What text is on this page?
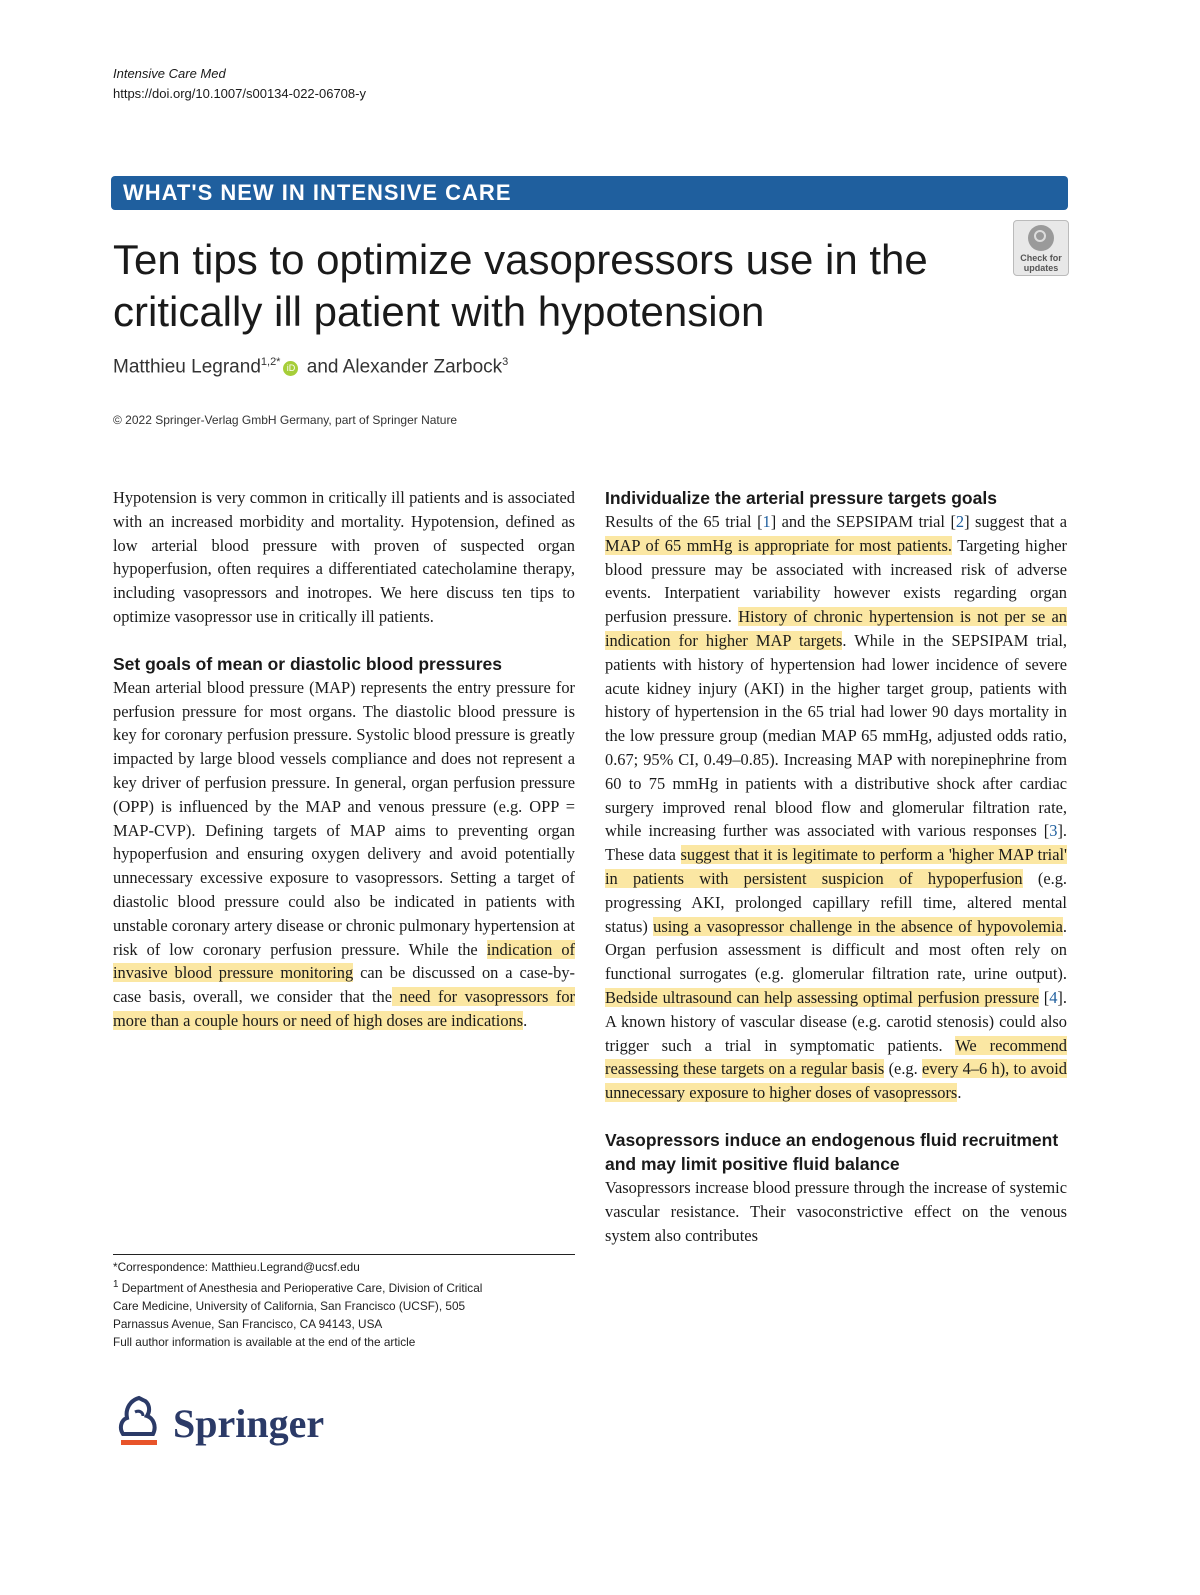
Intensive Care Med
https://doi.org/10.1007/s00134-022-06708-y
WHAT'S NEW IN INTENSIVE CARE
Ten tips to optimize vasopressors use in the critically ill patient with hypotension
Check for updates
Matthieu Legrand$^{1,2*}$iD and Alexander Zarbock$^3$
© 2022 Springer-Verlag GmbH Germany, part of Springer Nature

Hypotension is very common in critically ill patients and is associated with an increased morbidity and mortality. Hypotension, defined as low arterial blood pressure with proven of suspected organ hypoperfusion, often requires a differentiated catecholamine therapy, including vasopressors and inotropes. We here discuss ten tips to optimize vasopressor use in critically ill patients.

Set goals of mean or diastolic blood pressures

Mean arterial blood pressure (MAP) represents the entry pressure for perfusion pressure for most organs. The diastolic blood pressure is key for coronary perfusion pressure. Systolic blood pressure is greatly impacted by large blood vessels compliance and does not represent a key driver of perfusion pressure. In general, organ perfusion pressure (OPP) is influenced by the MAP and venous pressure (e.g. OPP = MAP-CVP). Defining targets of MAP aims to preventing organ hypoperfusion and ensuring oxygen delivery and avoid potentially unnecessary excessive exposure to vasopressors. Setting a target of diastolic blood pressure could also be indicated in patients with unstable coronary artery disease or chronic pulmonary hypertension at risk of low coronary perfusion pressure. While the indication of invasive blood pressure monitoring can be discussed on a case-by-case basis, overall, we consider that the need for vasopressors for more than a couple hours or need of high doses are indications.

Individualize the arterial pressure targets goals

Results of the 65 trial [1] and the SEPSIPAM trial [2] suggest that a MAP of 65 mmHg is appropriate for most patients. Targeting higher blood pressure may be associated with increased risk of adverse events. Interpatient variability however exists regarding organ perfusion pressure. History of chronic hypertension is not per se an indication for higher MAP targets. While in the SEPSIPAM trial, patients with history of hypertension had lower incidence of severe acute kidney injury (AKI) in the higher target group, patients with history of hypertension in the 65 trial had lower 90 days mortality in the low pressure group (median MAP 65 mmHg, adjusted odds ratio, 0.67; 95% CI, 0.49–0.85). Increasing MAP with norepinephrine from 60 to 75 mmHg in patients with a distributive shock after cardiac surgery improved renal blood flow and glomerular filtration rate, while increasing further was associated with various responses [3]. These data suggest that it is legitimate to perform a 'higher MAP trial' in patients with persistent suspicion of hypoperfusion (e.g. progressing AKI, prolonged capillary refill time, altered mental status) using a vasopressor challenge in the absence of hypovolemia. Organ perfusion assessment is difficult and most often rely on functional surrogates (e.g. glomerular filtration rate, urine output). Bedside ultrasound can help assessing optimal perfusion pressure [4]. A known history of vascular disease (e.g. carotid stenosis) could also trigger such a trial in symptomatic patients. We recommend reassessing these targets on a regular basis (e.g. every 4–6 h), to avoid unnecessary exposure to higher doses of vasopressors.

Vasopressors induce an endogenous fluid recruitment and may limit positive fluid balance

Vasopressors increase blood pressure through the increase of systemic vascular resistance. Their vasoconstrictive effect on the venous system also contributes

*Correspondence: Matthieu.Legrand@ucsf.edu
$^1$ Department of Anesthesia and Perioperative Care, Division of Critical
Care Medicine, University of California, San Francisco (UCSF), 505
Parnassus Avenue, San Francisco, CA 94143, USA
Full author information is available at the end of the article
Springer
